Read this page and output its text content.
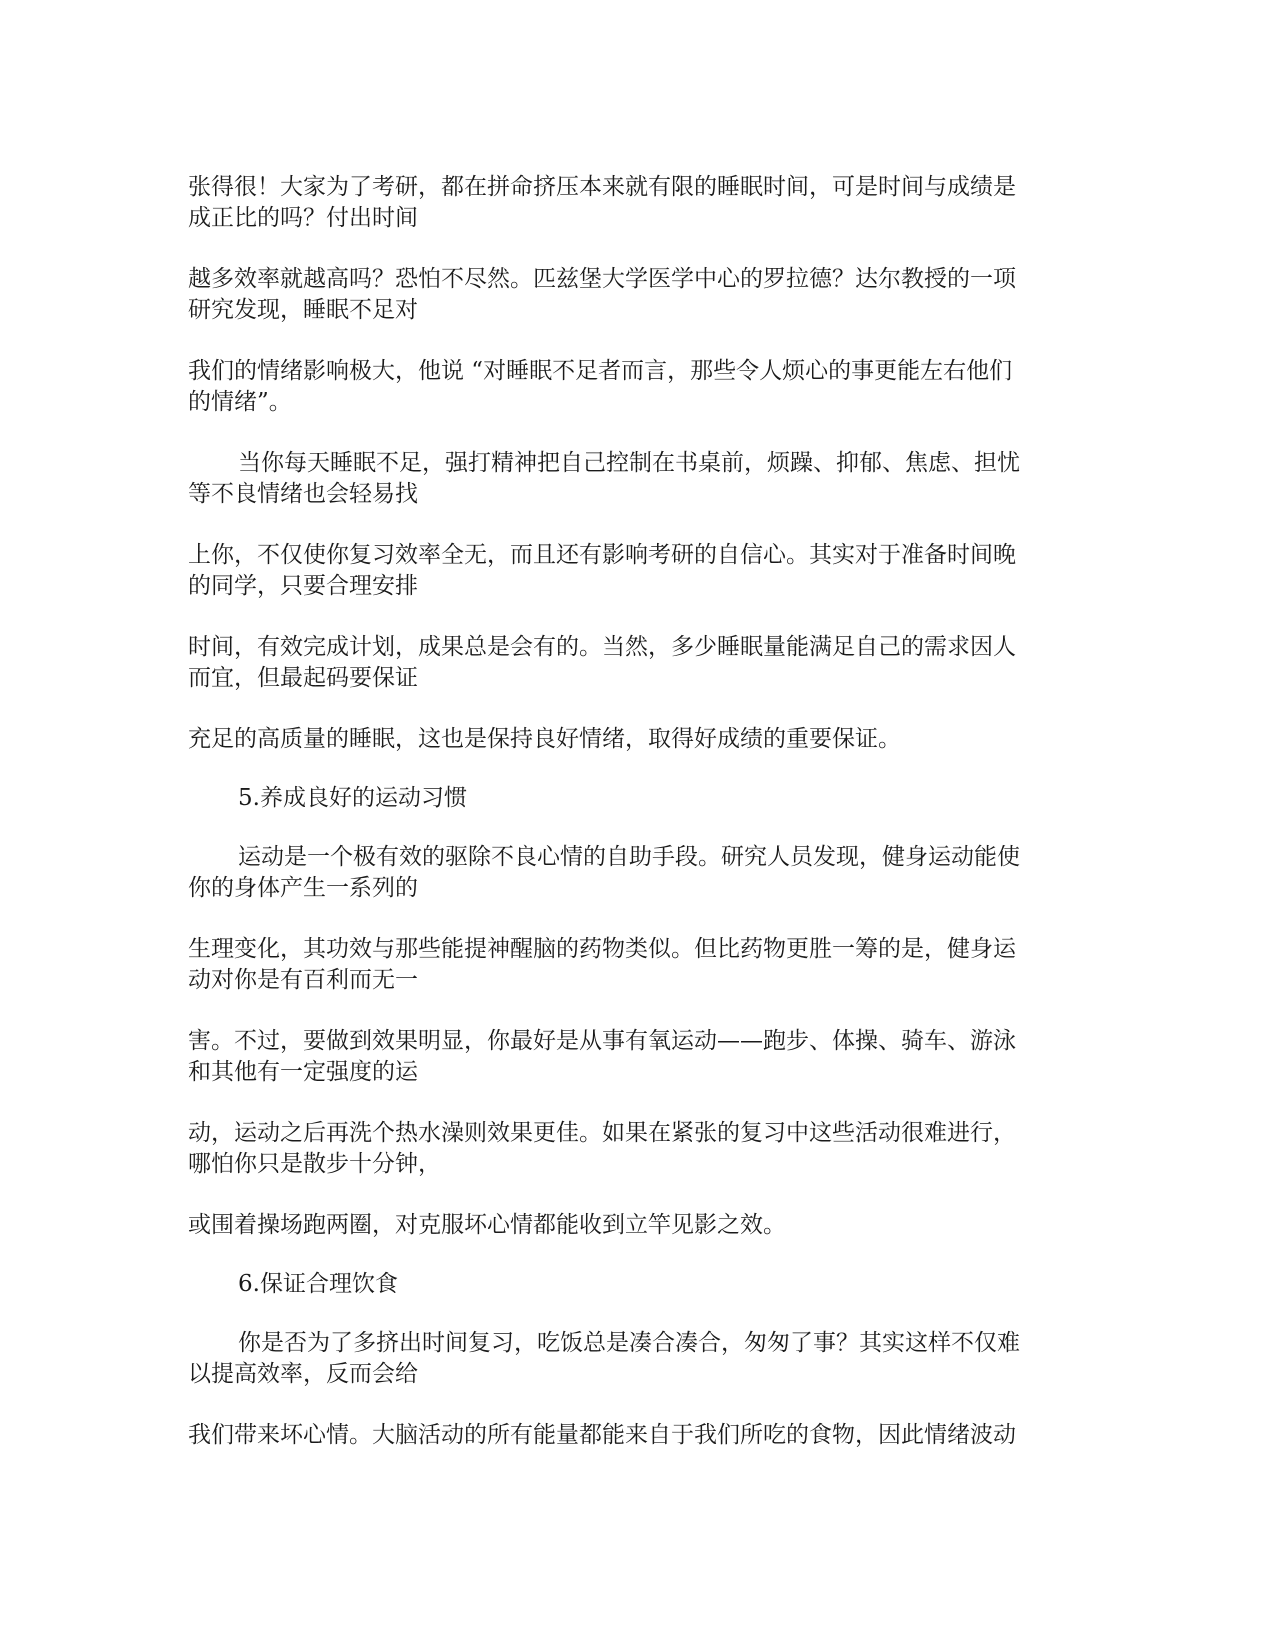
张得很！大家为了考研，都在拼命挤压本来就有限的睡眠时间，可是时间与成绩是
成正比的吗？付出时间

越多效率就越高吗？恐怕不尽然。匹兹堡大学医学中心的罗拉德？达尔教授的一项
研究发现，睡眠不足对

我们的情绪影响极大，他说 “对睡眠不足者而言，那些令人烦心的事更能左右他们
的情绪”。

当你每天睡眠不足，强打精神把自己控制在书桌前，烦躁、抑郁、焦虑、担忧
等不良情绪也会轻易找

上你，不仅使你复习效率全无，而且还有影响考研的自信心。其实对于准备时间晚
的同学，只要合理安排

时间，有效完成计划，成果总是会有的。当然，多少睡眠量能满足自己的需求因人
而宜，但最起码要保证

充足的高质量的睡眠，这也是保持良好情绪，取得好成绩的重要保证。

5.养成良好的运动习惯

运动是一个极有效的驱除不良心情的自助手段。研究人员发现，健身运动能使
你的身体产生一系列的

生理变化，其功效与那些能提神醒脑的药物类似。但比药物更胜一筹的是，健身运
动对你是有百利而无一

害。不过，要做到效果明显，你最好是从事有氧运动——跑步、体操、骑车、游泳
和其他有一定强度的运

动，运动之后再洗个热水澡则效果更佳。如果在紧张的复习中这些活动很难进行，
哪怕你只是散步十分钟，

或围着操场跑两圈，对克服坏心情都能收到立竿见影之效。

6.保证合理饮食

你是否为了多挤出时间复习，吃饭总是凑合凑合，匆匆了事？其实这样不仅难
以提高效率，反而会给

我们带来坏心情。大脑活动的所有能量都能来自于我们所吃的食物，因此情绪波动
